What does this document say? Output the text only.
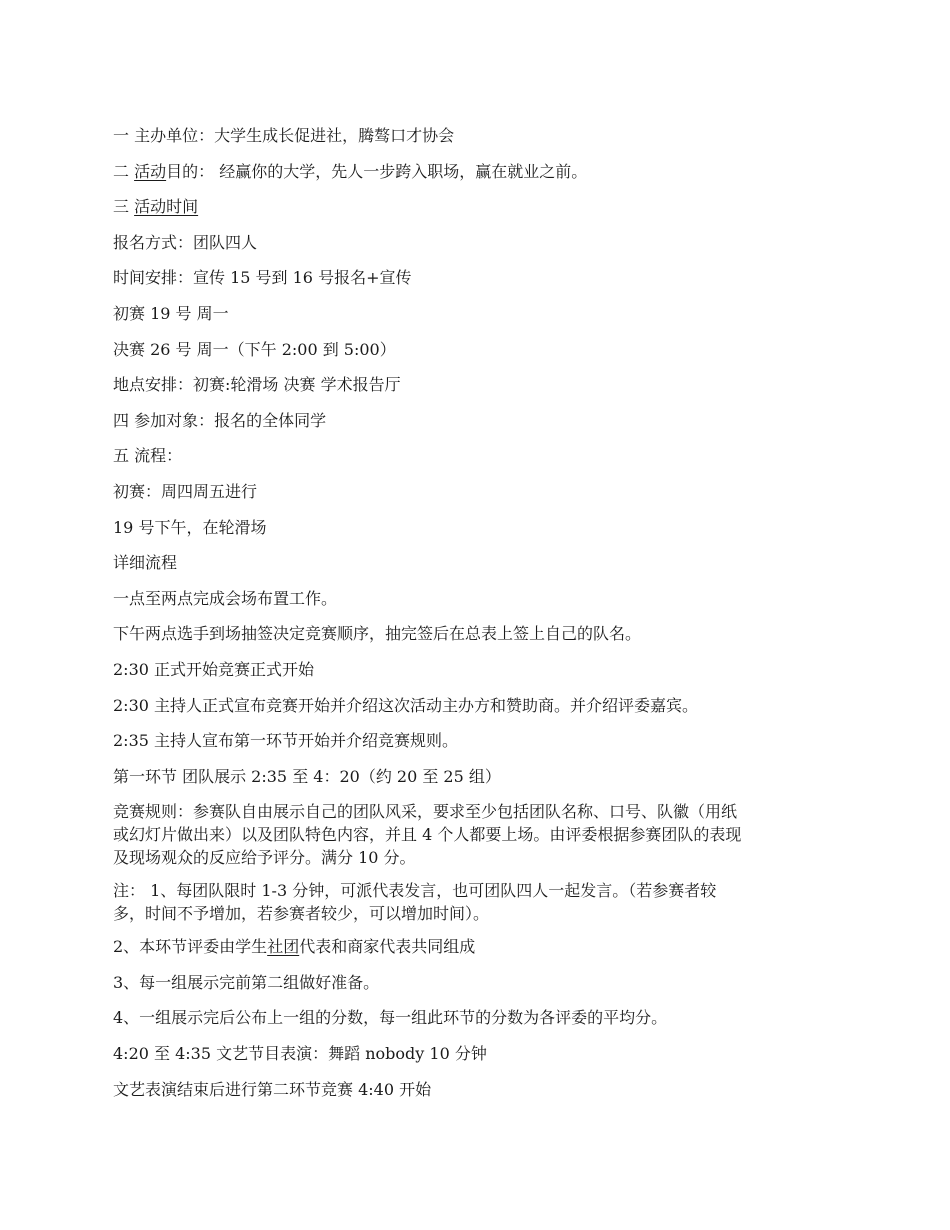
一 主办单位：大学生成长促进社，腾骜口才协会

二 活动目的： 经赢你的大学，先人一步跨入职场，赢在就业之前。

三 活动时间

报名方式：团队四人

时间安排：宣传 15 号到 16 号报名+宣传

初赛 19 号 周一

决赛 26 号 周一（下午 2:00 到 5:00）

地点安排：初赛:轮滑场 决赛 学术报告厅

四 参加对象：报名的全体同学

五 流程：

初赛：周四周五进行

19 号下午，在轮滑场

详细流程

一点至两点完成会场布置工作。

下午两点选手到场抽签决定竞赛顺序，抽完签后在总表上签上自己的队名。

2:30 正式开始竞赛正式开始

2:30 主持人正式宣布竞赛开始并介绍这次活动主办方和赞助商。并介绍评委嘉宾。

2:35 主持人宣布第一环节开始并介绍竞赛规则。

第一环节 团队展示 2:35 至 4：20（约 20 至 25 组）

竞赛规则：参赛队自由展示自己的团队风采，要求至少包括团队名称、口号、队徽（用纸
或幻灯片做出来）以及团队特色内容，并且 4 个人都要上场。由评委根据参赛团队的表现
及现场观众的反应给予评分。满分 10 分。

注： 1、每团队限时 1-3 分钟，可派代表发言，也可团队四人一起发言。（若参赛者较
多，时间不予增加，若参赛者较少，可以增加时间）。

2、本环节评委由学生社团代表和商家代表共同组成

3、每一组展示完前第二组做好准备。

4、一组展示完后公布上一组的分数，每一组此环节的分数为各评委的平均分。

4:20 至 4:35 文艺节目表演：舞蹈 nobody 10 分钟

文艺表演结束后进行第二环节竞赛 4:40 开始
